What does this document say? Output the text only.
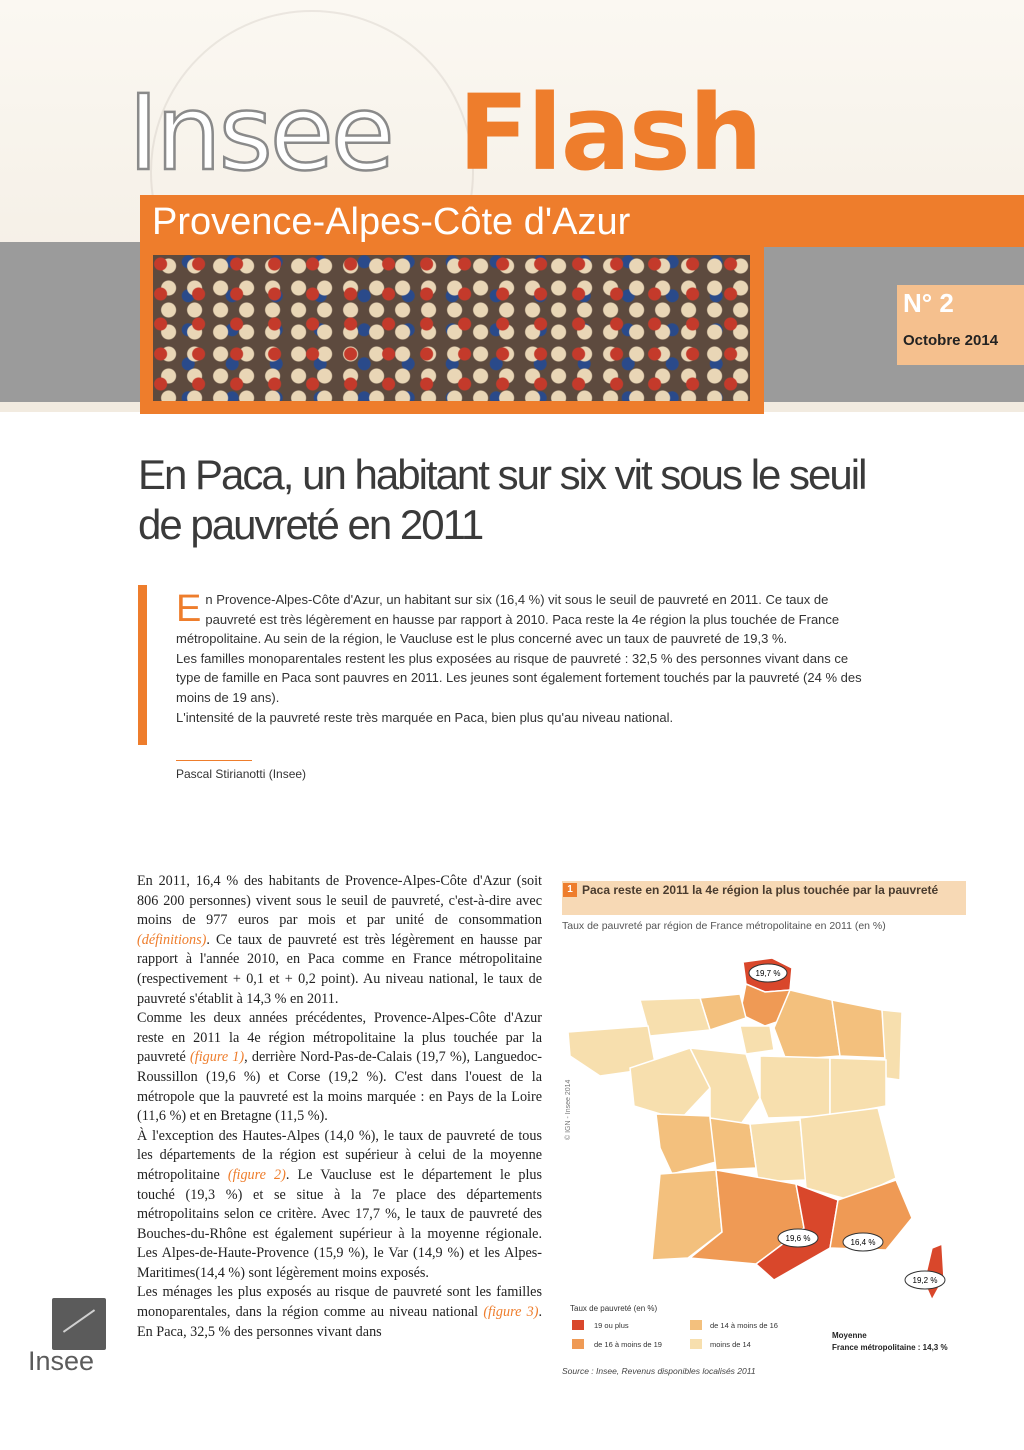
Insee Flash
Provence-Alpes-Côte d'Azur
N° 2
Octobre 2014
En Paca, un habitant sur six vit sous le seuil de pauvreté en 2011

En Provence-Alpes-Côte d'Azur, un habitant sur six (16,4 %) vit sous le seuil de pauvreté en 2011. Ce taux de pauvreté est très légèrement en hausse par rapport à 2010. Paca reste la 4e région la plus touchée de France métropolitaine. Au sein de la région, le Vaucluse est le plus concerné avec un taux de pauvreté de 19,3 %.

Les familles monoparentales restent les plus exposées au risque de pauvreté : 32,5 % des personnes vivant dans ce type de famille en Paca sont pauvres en 2011. Les jeunes sont également fortement touchés par la pauvreté (24 % des moins de 19 ans).

L'intensité de la pauvreté reste très marquée en Paca, bien plus qu'au niveau national.

Pascal Stirianotti (Insee)

En 2011, 16,4 % des habitants de Provence-Alpes-Côte d'Azur (soit 806 200 personnes) vivent sous le seuil de pauvreté, c'est-à-dire avec moins de 977 euros par mois et par unité de consommation (définitions). Ce taux de pauvreté est très légèrement en hausse par rapport à l'année 2010, en Paca comme en France métropolitaine (respectivement + 0,1 et + 0,2 point). Au niveau national, le taux de pauvreté s'établit à 14,3 % en 2011.

Comme les deux années précédentes, Provence-Alpes-Côte d'Azur reste en 2011 la 4e région métropolitaine la plus touchée par la pauvreté (figure 1), derrière Nord-Pas-de-Calais (19,7 %), Languedoc-Roussillon (19,6 %) et Corse (19,2 %). C'est dans l'ouest de la métropole que la pauvreté est la moins marquée : en Pays de la Loire (11,6 %) et en Bretagne (11,5 %).

À l'exception des Hautes-Alpes (14,0 %), le taux de pauvreté de tous les départements de la région est supérieur à celui de la moyenne métropolitaine (figure 2). Le Vaucluse est le département le plus touché (19,3 %) et se situe à la 7e place des départements métropolitains selon ce critère. Avec 17,7 %, le taux de pauvreté des Bouches-du-Rhône est également supérieur à la moyenne régionale. Les Alpes-de-Haute-Provence (15,9 %), le Var (14,9 %) et les Alpes-Maritimes(14,4 %) sont légèrement moins exposés.

Les ménages les plus exposés au risque de pauvreté sont les familles monoparentales, dans la région comme au niveau national (figure 3). En Paca, 32,5 % des personnes vivant dans

1 Paca reste en 2011 la 4e région la plus touchée par la pauvreté

Taux de pauvreté par région de France métropolitaine en 2011 (en %)
19,7 %
19,6 %	16,4 %
19,2 %
© IGN - Insee 2014
Taux de pauvreté (en %)
19 ou plus
de 16 à moins de 19
de 14 à moins de 16
moins de 14
Moyenne
France métropolitaine : 14,3 %
Source : Insee, Revenus disponibles localisés 2011
Insee
